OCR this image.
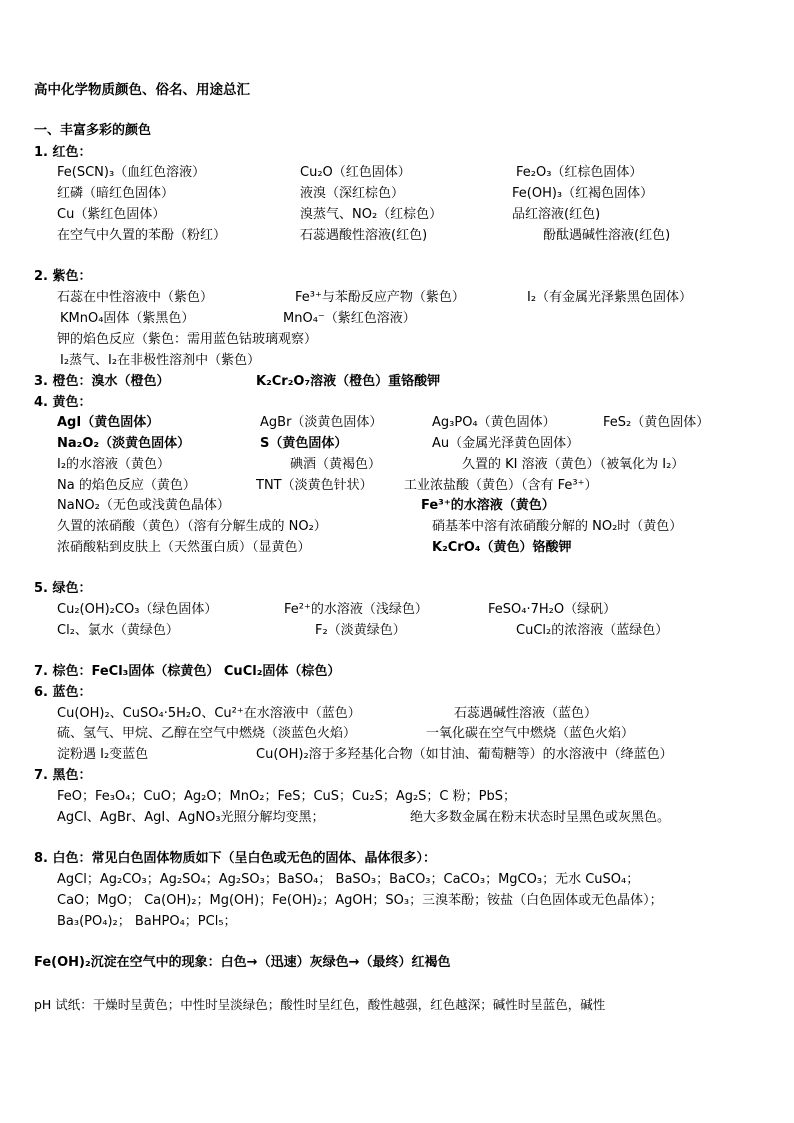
高中化学物质颜色、俗名、用途总汇
一、丰富多彩的颜色
1. 红色：
Fe(SCN)₃（血红色溶液）	Cu₂O（红色固体）	Fe₂O₃（红棕色固体）
红磷（暗红色固体）	液溴（深红棕色）	Fe(OH)₃（红褐色固体）
Cu（紫红色固体）	溴蒸气、NO₂（红棕色）	品红溶液(红色)
在空气中久置的苯酚（粉红）	石蕊遇酸性溶液(红色)	酚酞遇碱性溶液(红色)
2. 紫色：
石蕊在中性溶液中（紫色）	Fe³⁺与苯酚反应产物（紫色）	I₂（有金属光泽紫黑色固体）
KMnO₄固体（紫黑色）	MnO₄⁻（紫红色溶液）
钾的焰色反应（紫色：需用蓝色钴玻璃观察）
I₂蒸气、I₂在非极性溶剂中（紫色）
3. 橙色：溴水（橙色）	K₂Cr₂O₇溶液（橙色）重铬酸钾
4. 黄色：
AgI（黄色固体）	AgBr（淡黄色固体）	Ag₃PO₄（黄色固体）	FeS₂（黄色固体）
Na₂O₂（淡黄色固体）	S（黄色固体）	Au（金属光泽黄色固体）
I₂的水溶液（黄色）	碘酒（黄褐色）	久置的 KI 溶液（黄色）（被氧化为 I₂）
Na 的焰色反应（黄色）	TNT（淡黄色针状） 工业浓盐酸（黄色）（含有 Fe³⁺）
NaNO₂（无色或浅黄色晶体）	Fe³⁺的水溶液（黄色）
久置的浓硝酸（黄色）（溶有分解生成的 NO₂）	硝基苯中溶有浓硝酸分解的 NO₂时（黄色）
浓硝酸粘到皮肤上（天然蛋白质）（显黄色）	K₂CrO₄（黄色）铬酸钾
5. 绿色：
Cu₂(OH)₂CO₃（绿色固体）	Fe²⁺的水溶液（浅绿色）	FeSO₄·7H₂O（绿矾）
Cl₂、氯水（黄绿色）	F₂（淡黄绿色）	CuCl₂的浓溶液（蓝绿色）
7. 棕色：FeCl₃固体（棕黄色） CuCl₂固体（棕色）
6. 蓝色：
Cu(OH)₂、CuSO₄·5H₂O、Cu²⁺在水溶液中（蓝色）	石蕊遇碱性溶液（蓝色）
硫、氢气、甲烷、乙醇在空气中燃烧（淡蓝色火焰）	一氧化碳在空气中燃烧（蓝色火焰）
淀粉遇 I₂变蓝色	Cu(OH)₂溶于多羟基化合物（如甘油、葡萄糖等）的水溶液中（绛蓝色）
7. 黑色：
FeO；Fe₃O₄；CuO；Ag₂O；MnO₂；FeS；CuS；Cu₂S；Ag₂S；C 粉；PbS；
AgCl、AgBr、AgI、AgNO₃光照分解均变黑；	绝大多数金属在粉末状态时呈黑色或灰黑色。
8. 白色：常见白色固体物质如下（呈白色或无色的固体、晶体很多）：
AgCl；Ag₂CO₃；Ag₂SO₄；Ag₂SO₃；BaSO₄； BaSO₃；BaCO₃；CaCO₃；MgCO₃；无水 CuSO₄；
CaO；MgO； Ca(OH)₂；Mg(OH)；Fe(OH)₂；AgOH；SO₃；三溴苯酚；铵盐（白色固体或无色晶体）；
Ba₃(PO₄)₂； BaHPO₄；PCl₅；
Fe(OH)₂沉淀在空气中的现象：白色→（迅速）灰绿色→（最终）红褐色
pH 试纸：干燥时呈黄色；中性时呈淡绿色；酸性时呈红色，酸性越强，红色越深；碱性时呈蓝色，碱性
